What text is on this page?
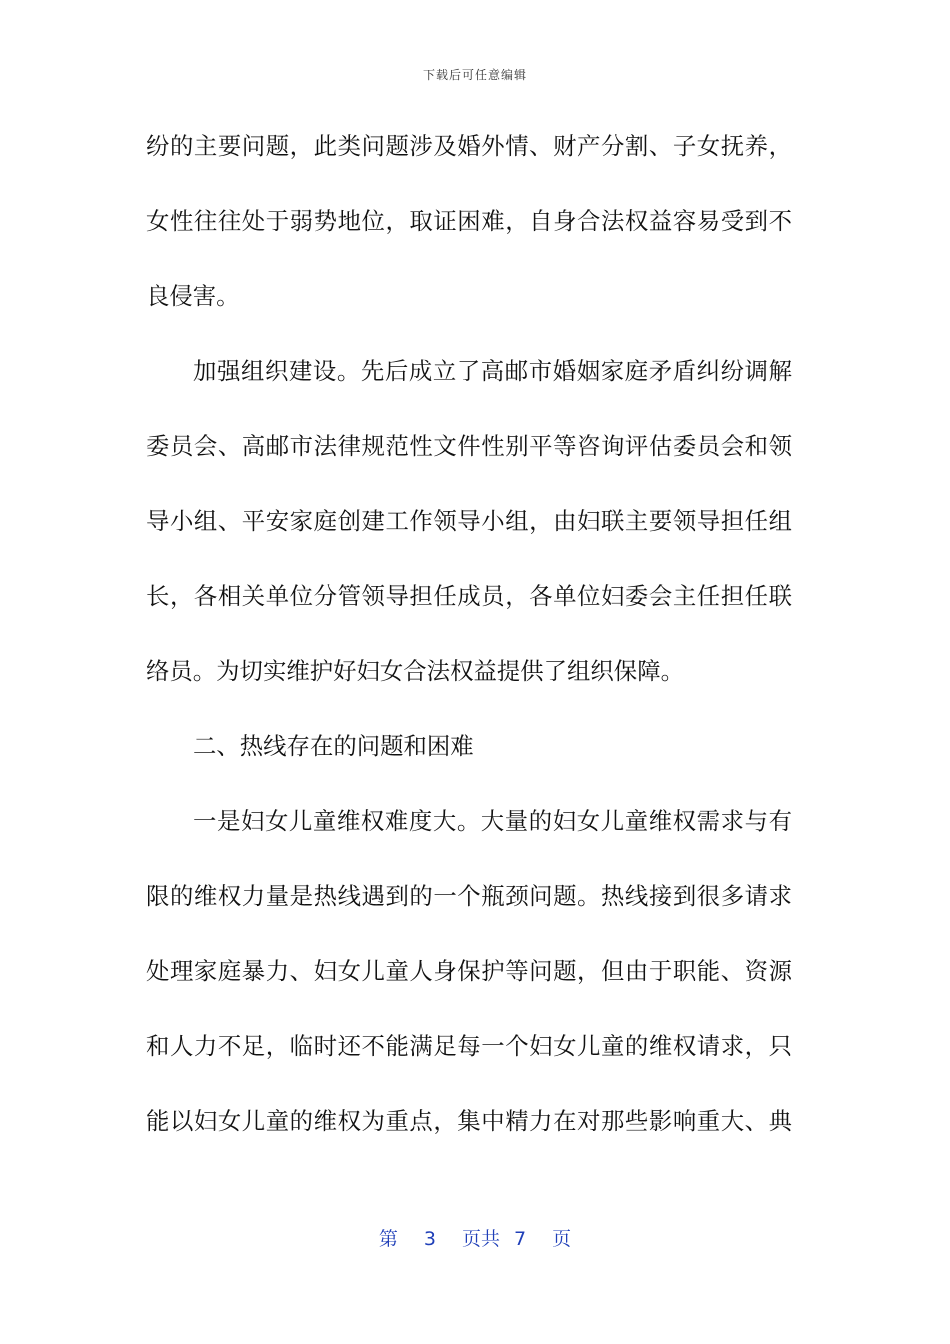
下载后可任意编辑
纷的主要问题，此类问题涉及婚外情、财产分割、子女抚养，
女性往往处于弱势地位，取证困难，自身合法权益容易受到不
良侵害。
加强组织建设。先后成立了高邮市婚姻家庭矛盾纠纷调解
委员会、高邮市法律规范性文件性别平等咨询评估委员会和领
导小组、平安家庭创建工作领导小组，由妇联主要领导担任组
长，各相关单位分管领导担任成员，各单位妇委会主任担任联
络员。为切实维护好妇女合法权益提供了组织保障。
二、热线存在的问题和困难
一是妇女儿童维权难度大。大量的妇女儿童维权需求与有
限的维权力量是热线遇到的一个瓶颈问题。热线接到很多请求
处理家庭暴力、妇女儿童人身保护等问题，但由于职能、资源
和人力不足，临时还不能满足每一个妇女儿童的维权请求，只
能以妇女儿童的维权为重点，集中精力在对那些影响重大、典
第 3 页共 7 页
